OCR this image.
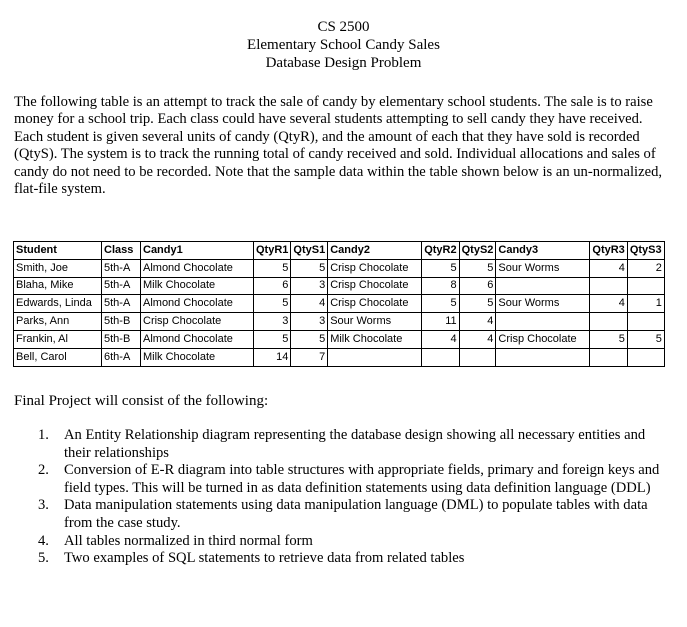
CS 2500
Elementary School Candy Sales
Database Design Problem

The following table is an attempt to track the sale of candy by elementary school students. The sale is to raise money for a school trip. Each class could have several students attempting to sell candy they have received. Each student is given several units of candy (QtyR), and the amount of each that they have sold is recorded (QtyS). The system is to track the running total of candy received and sold. Individual allocations and sales of candy do not need to be recorded. Note that the sample data within the table shown below is an un-normalized, flat-file system.

Student	Class	Candy1	QtyR1	QtyS1	Candy2	QtyR2	QtyS2	Candy3	QtyR3	QtyS3
Smith, Joe	5th-A	Almond Chocolate	5	5	Crisp Chocolate	5	5	Sour Worms	4	2
Blaha, Mike	5th-A	Milk Chocolate	6	3	Crisp Chocolate	8	6			
Edwards, Linda	5th-A	Almond Chocolate	5	4	Crisp Chocolate	5	5	Sour Worms	4	1
Parks, Ann	5th-B	Crisp Chocolate	3	3	Sour Worms	11	4			
Frankin, Al	5th-B	Almond Chocolate	5	5	Milk Chocolate	4	4	Crisp Chocolate	5	5
Bell, Carol	6th-A	Milk Chocolate	14	7						
Final Project will consist of the following:
1. An Entity Relationship diagram representing the database design showing all necessary entities and their relationships
2. Conversion of E-R diagram into table structures with appropriate fields, primary and foreign keys and field types. This will be turned in as data definition statements using data definition language (DDL)
3. Data manipulation statements using data manipulation language (DML) to populate tables with data from the case study.
4. All tables normalized in third normal form
5. Two examples of SQL statements to retrieve data from related tables
